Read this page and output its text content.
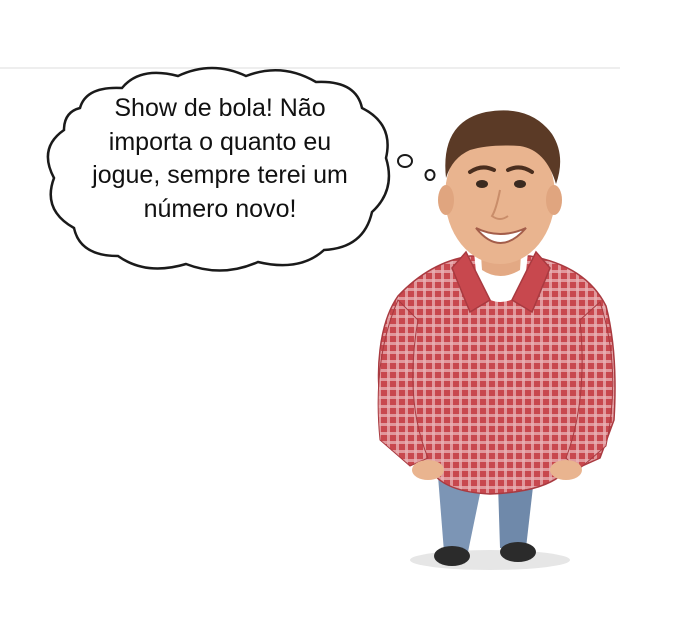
Show de bola! Não
importa o quanto eu
jogue, sempre terei um
número novo!
